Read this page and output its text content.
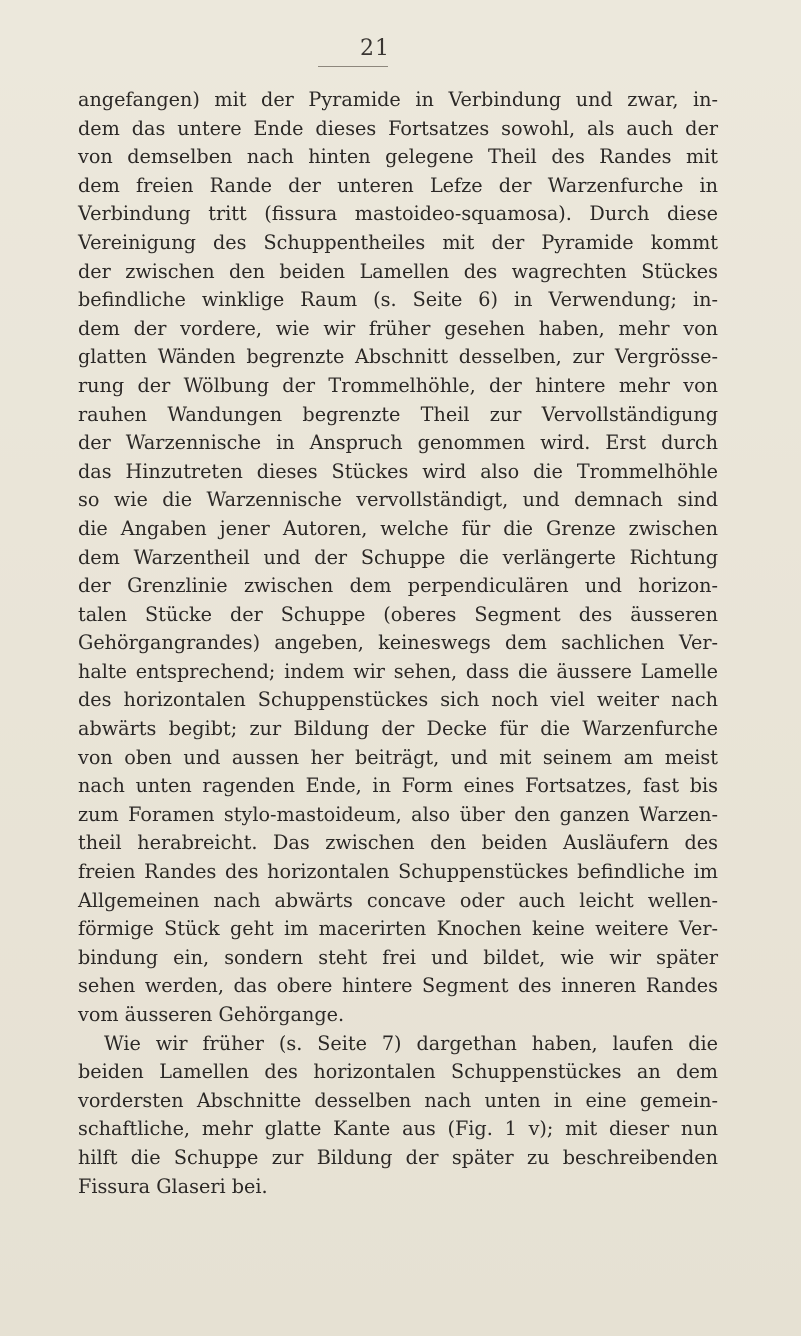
21
angefangen) mit der Pyramide in Verbindung und zwar, in-
dem das untere Ende dieses Fortsatzes sowohl, als auch der
von demselben nach hinten gelegene Theil des Randes mit
dem freien Rande der unteren Lefze der Warzenfurche in
Verbindung tritt (fissura mastoideo-squamosa). Durch diese
Vereinigung des Schuppentheiles mit der Pyramide kommt
der zwischen den beiden Lamellen des wagrechten Stückes
befindliche winklige Raum (s. Seite 6) in Verwendung; in-
dem der vordere, wie wir früher gesehen haben, mehr von
glatten Wänden begrenzte Abschnitt desselben, zur Vergrösse-
rung der Wölbung der Trommelhöhle, der hintere mehr von
rauhen Wandungen begrenzte Theil zur Vervollständigung
der Warzennische in Anspruch genommen wird. Erst durch
das Hinzutreten dieses Stückes wird also die Trommelhöhle
so wie die Warzennische vervollständigt, und demnach sind
die Angaben jener Autoren, welche für die Grenze zwischen
dem Warzentheil und der Schuppe die verlängerte Richtung
der Grenzlinie zwischen dem perpendiculären und horizon-
talen Stücke der Schuppe (oberes Segment des äusseren
Gehörgangrandes) angeben, keineswegs dem sachlichen Ver-
halte entsprechend; indem wir sehen, dass die äussere Lamelle
des horizontalen Schuppenstückes sich noch viel weiter nach
abwärts begibt; zur Bildung der Decke für die Warzenfurche
von oben und aussen her beiträgt, und mit seinem am meist
nach unten ragenden Ende, in Form eines Fortsatzes, fast bis
zum Foramen stylo-mastoideum, also über den ganzen Warzen-
theil herabreicht. Das zwischen den beiden Ausläufern des
freien Randes des horizontalen Schuppenstückes befindliche im
Allgemeinen nach abwärts concave oder auch leicht wellen-
förmige Stück geht im macerirten Knochen keine weitere Ver-
bindung ein, sondern steht frei und bildet, wie wir später
sehen werden, das obere hintere Segment des inneren Randes
vom äusseren Gehörgange.
Wie wir früher (s. Seite 7) dargethan haben, laufen die
beiden Lamellen des horizontalen Schuppenstückes an dem
vordersten Abschnitte desselben nach unten in eine gemein-
schaftliche, mehr glatte Kante aus (Fig. 1 v); mit dieser nun
hilft die Schuppe zur Bildung der später zu beschreibenden
Fissura Glaseri bei.
